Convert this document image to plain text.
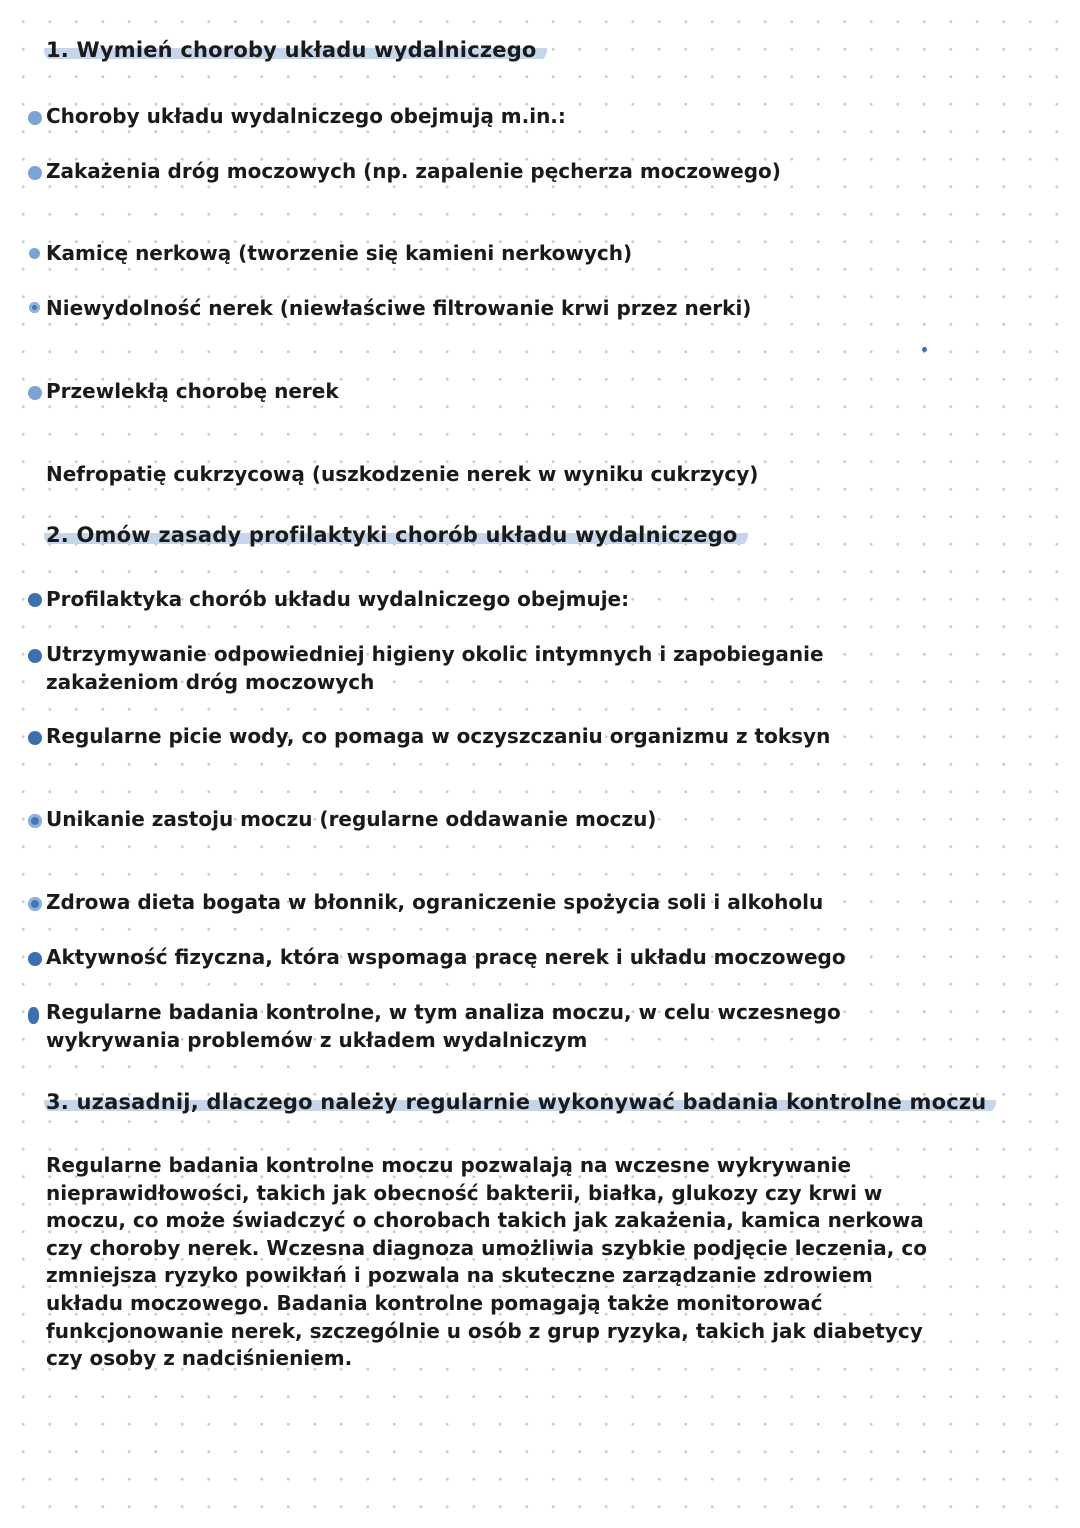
1. Wymień choroby układu wydalniczego
Choroby układu wydalniczego obejmują m.in.:
Zakażenia dróg moczowych (np. zapalenie pęcherza moczowego)
Kamicę nerkową (tworzenie się kamieni nerkowych)
Niewydolność nerek (niewłaściwe filtrowanie krwi przez nerki)
Przewlekłą chorobę nerek
Nefropatię cukrzycową (uszkodzenie nerek w wyniku cukrzycy)
2. Omów zasady profilaktyki chorób układu wydalniczego
Profilaktyka chorób układu wydalniczego obejmuje:
Utrzymywanie odpowiedniej higieny okolic intymnych i zapobieganie zakażeniom dróg moczowych
Regularne picie wody, co pomaga w oczyszczaniu organizmu z toksyn
Unikanie zastoju moczu (regularne oddawanie moczu)
Zdrowa dieta bogata w błonnik, ograniczenie spożycia soli i alkoholu
Aktywność fizyczna, która wspomaga pracę nerek i układu moczowego
Regularne badania kontrolne, w tym analiza moczu, w celu wczesnego wykrywania problemów z układem wydalniczym
3. uzasadnij, dlaczego należy regularnie wykonywać badania kontrolne moczu
Regularne badania kontrolne moczu pozwalają na wczesne wykrywanie nieprawidłowości, takich jak obecność bakterii, białka, glukozy czy krwi w moczu, co może świadczyć o chorobach takich jak zakażenia, kamica nerkowa czy choroby nerek. Wczesna diagnoza umożliwia szybkie podjęcie leczenia, co zmniejsza ryzyko powikłań i pozwala na skuteczne zarządzanie zdrowiem układu moczowego. Badania kontrolne pomagają także monitorować funkcjonowanie nerek, szczególnie u osób z grup ryzyka, takich jak diabetycy czy osoby z nadciśnieniem.
